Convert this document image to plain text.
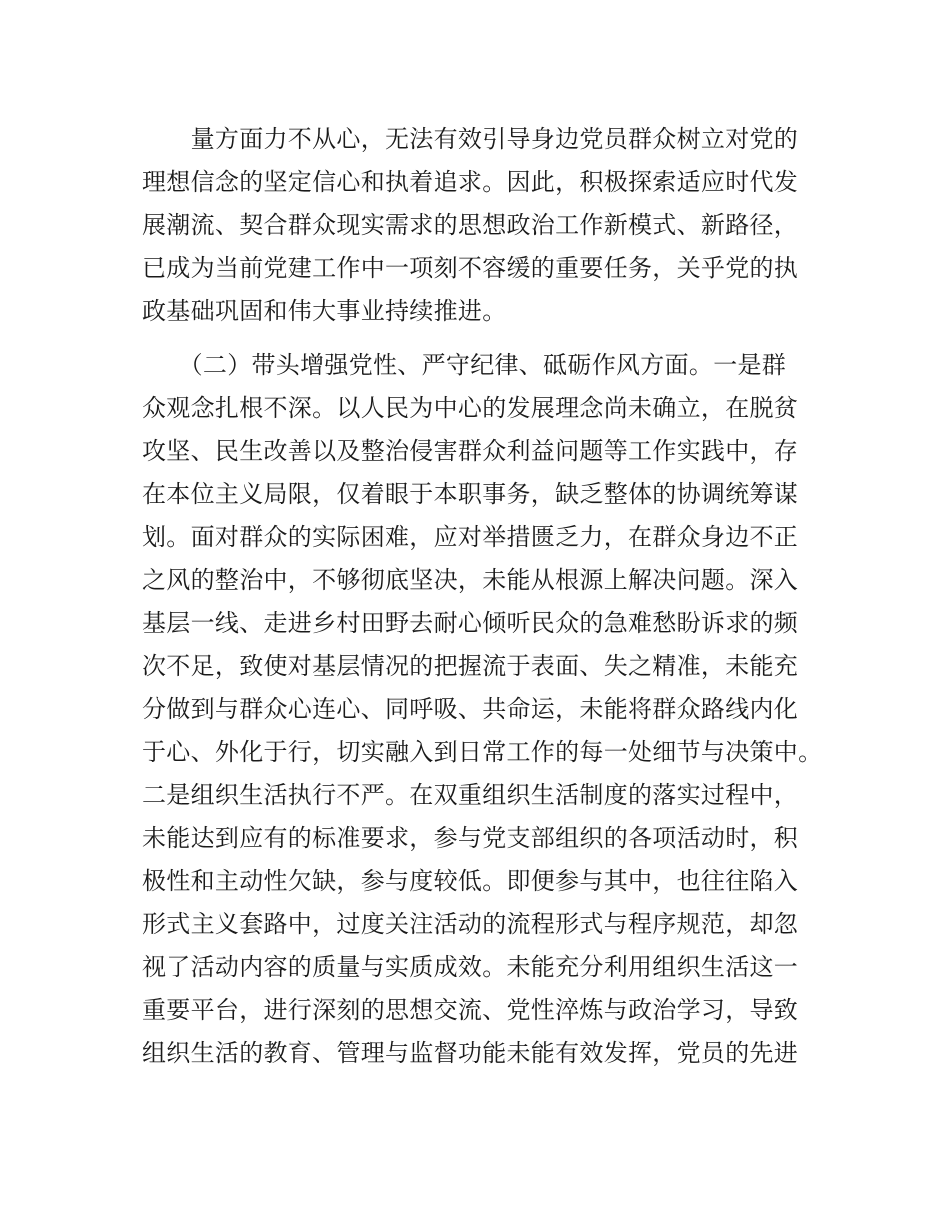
　　量方面力不从心，无法有效引导身边党员群众树立对党的
理想信念的坚定信心和执着追求。因此，积极探索适应时代发
展潮流、契合群众现实需求的思想政治工作新模式、新路径，
已成为当前党建工作中一项刻不容缓的重要任务，关乎党的执
政基础巩固和伟大事业持续推进。
　　（二）带头增强党性、严守纪律、砥砺作风方面。一是群
众观念扎根不深。以人民为中心的发展理念尚未确立，在脱贫
攻坚、民生改善以及整治侵害群众利益问题等工作实践中，存
在本位主义局限，仅着眼于本职事务，缺乏整体的协调统筹谋
划。面对群众的实际困难，应对举措匮乏力，在群众身边不正
之风的整治中，不够彻底坚决，未能从根源上解决问题。深入
基层一线、走进乡村田野去耐心倾听民众的急难愁盼诉求的频
次不足，致使对基层情况的把握流于表面、失之精准，未能充
分做到与群众心连心、同呼吸、共命运，未能将群众路线内化
于心、外化于行，切实融入到日常工作的每一处细节与决策中。
二是组织生活执行不严。在双重组织生活制度的落实过程中，
未能达到应有的标准要求，参与党支部组织的各项活动时，积
极性和主动性欠缺，参与度较低。即便参与其中，也往往陷入
形式主义套路中，过度关注活动的流程形式与程序规范，却忽
视了活动内容的质量与实质成效。未能充分利用组织生活这一
重要平台，进行深刻的思想交流、党性淬炼与政治学习，导致
组织生活的教育、管理与监督功能未能有效发挥，党员的先进
